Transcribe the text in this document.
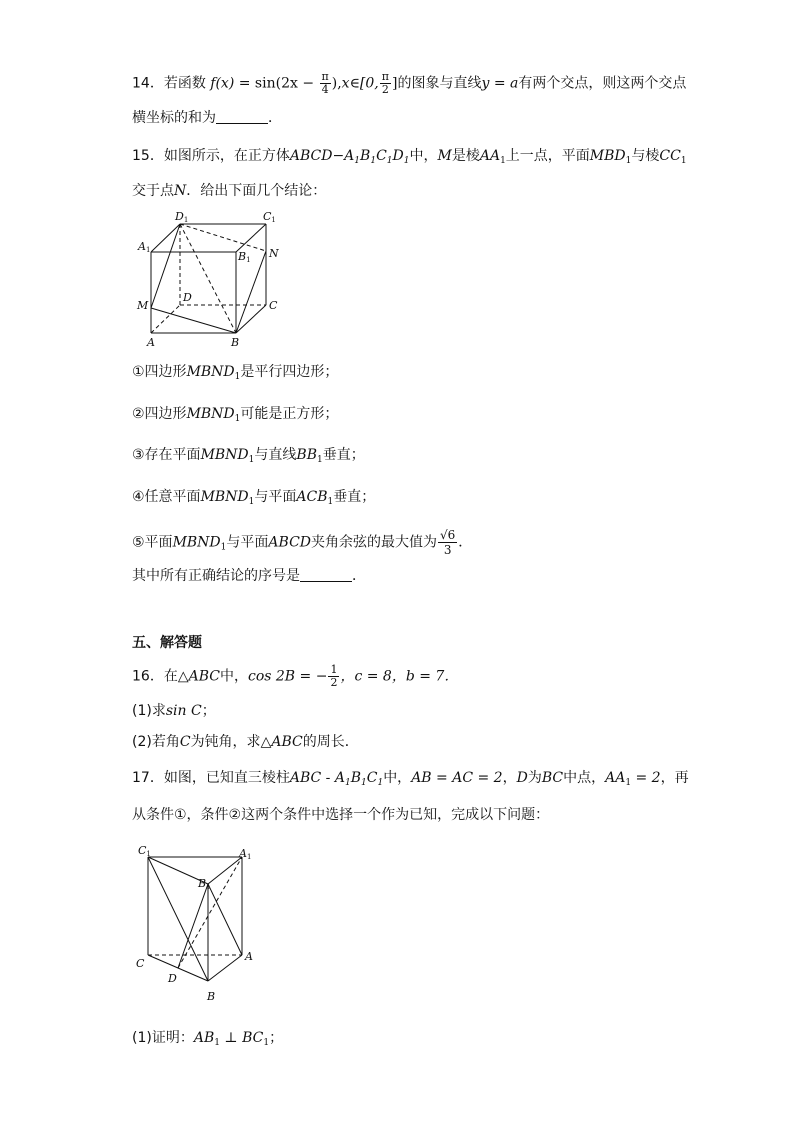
14．若函数 $f(x) = \sin(2x - \frac{\pi}{4}$ ),x∈[0, $\frac{\pi}{2}$ ]的图象与直线y = a有两个交点，则这两个交点
横坐标的和为	．
15．如图所示，在正方体$ABCD-A_1B_1C_1D_1$中，M是棱$AA_1$上一点，平面$MBD_1$与棱$CC_1$
交于点N．给出下面几个结论：
D1	C1
A1	B1 N
M
D
C
A	B
①四边形$MBND_1$是平行四边形；
②四边形$MBND_1$可能是正方形；
③存在平面$MBND_1$与直线$BB_1$垂直；
④任意平面$MBND_1$与平面$ACB_1$垂直；
⑤平面$MBND_1$与平面ABCD夹角余弦的最大值为 $\frac{√6}{3}$ ．
其中所有正确结论的序号是	．
五、解答题
16．在△ABC中，cos 2B = − $\frac{1}{2}$ ，c = 8，b = 7．
(1)求sin C；
(2)若角C为钝角，求△ABC的周长．
17．如图，已知直三棱柱ABC - $A_1B_1C_1$中，AB = AC = 2，D为BC中点，$AA_1 = 2$，再
从条件①，条件②这两个条件中选择一个作为已知，完成以下问题：
C1	A1
B1
C
A
D
B
(1)证明：$AB_1$ ⊥ $BC_1$；
